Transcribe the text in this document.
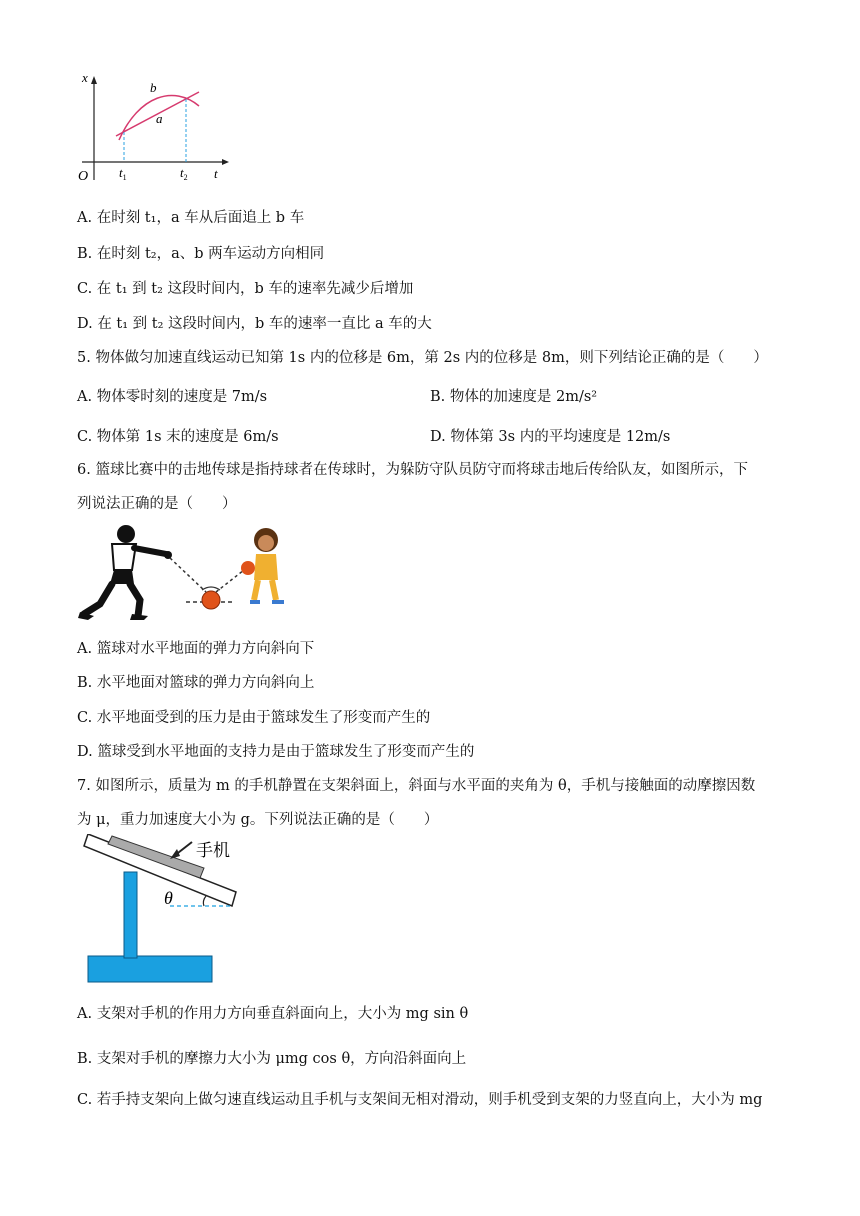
x
b
a
O $t_1$	$t_2$ t
A. 在时刻 t₁，a 车从后面追上 b 车
B. 在时刻 t₂，a、b 两车运动方向相同
C. 在 t₁ 到 t₂ 这段时间内，b 车的速率先减少后增加
D. 在 t₁ 到 t₂ 这段时间内，b 车的速率一直比 a 车的大
5. 物体做匀加速直线运动已知第 1s 内的位移是 6m，第 2s 内的位移是 8m，则下列结论正确的是（　　）
A. 物体零时刻的速度是 7m/s	B. 物体的加速度是 2m/s²
C. 物体第 1s 末的速度是 6m/s	D. 物体第 3s 内的平均速度是 12m/s
6. 篮球比赛中的击地传球是指持球者在传球时，为躲防守队员防守而将球击地后传给队友，如图所示，下
列说法正确的是（　　）
A. 篮球对水平地面的弹力方向斜向下
B. 水平地面对篮球的弹力方向斜向上
C. 水平地面受到的压力是由于篮球发生了形变而产生的
D. 篮球受到水平地面的支持力是由于篮球发生了形变而产生的
7. 如图所示，质量为 m 的手机静置在支架斜面上，斜面与水平面的夹角为 θ，手机与接触面的动摩擦因数
为 μ，重力加速度大小为 g。下列说法正确的是（　　）
手机
θ
A. 支架对手机的作用力方向垂直斜面向上，大小为 mg sin θ
B. 支架对手机的摩擦力大小为 μmg cos θ，方向沿斜面向上
C. 若手持支架向上做匀速直线运动且手机与支架间无相对滑动，则手机受到支架的力竖直向上，大小为 mg
